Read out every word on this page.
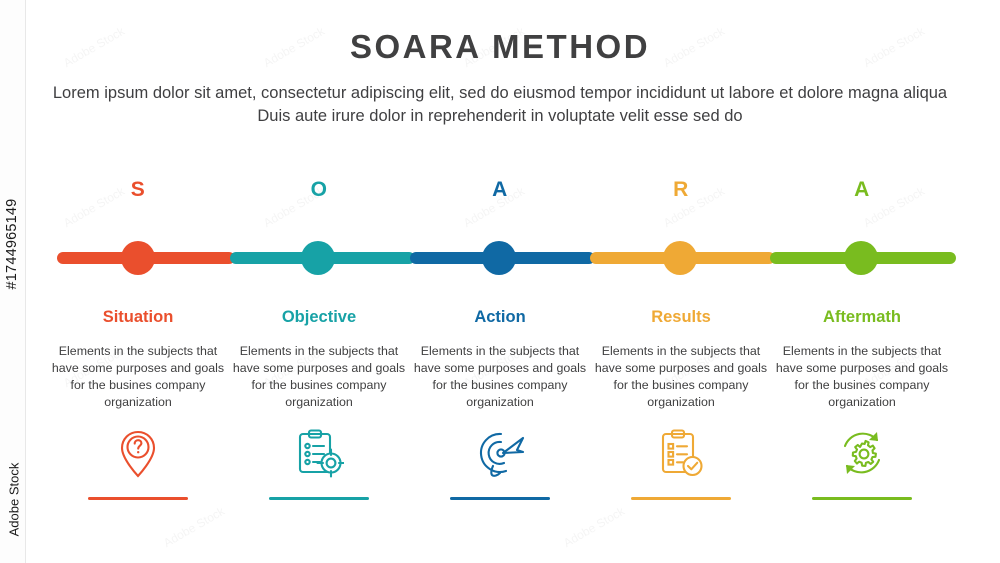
#1744965149
Adobe Stock
SOARA METHOD
Lorem ipsum dolor sit amet, consectetur adipiscing elit, sed do eiusmod tempor incididunt ut labore et dolore magna aliqua Duis aute irure dolor in reprehenderit in voluptate velit esse sed do
S
Situation
Elements in the subjects that have some purposes and goals for the busines company organization
O
Objective
Elements in the subjects that have some purposes and goals for the busines company organization
A
Action
Elements in the subjects that have some purposes and goals for the busines company organization
R
Results
Elements in the subjects that have some purposes and goals for the busines company organization
A
Aftermath
Elements in the subjects that have some purposes and goals for the busines company organization
